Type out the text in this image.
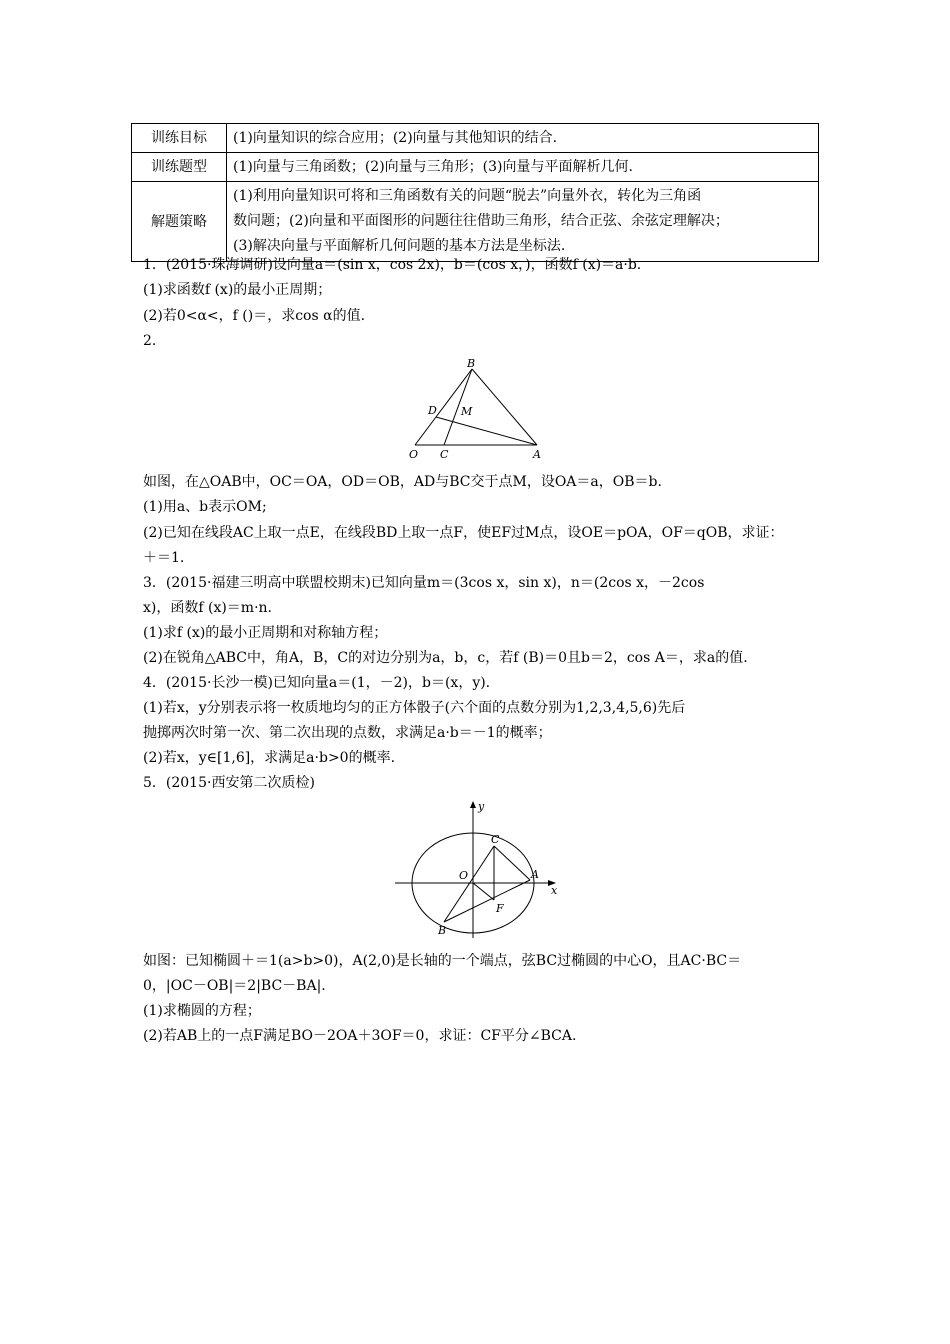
训练目标	(1)向量知识的综合应用；(2)向量与其他知识的结合.
训练题型	(1)向量与三角函数；(2)向量与三角形；(3)向量与平面解析几何.
解题策略	(1)利用向量知识可将和三角函数有关的问题“脱去”向量外衣，转化为三角函
数问题；(2)向量和平面图形的问题往往借助三角形，结合正弦、余弦定理解决；
(3)解决向量与平面解析几何问题的基本方法是坐标法.
1．(2015·珠海调研)设向量a＝(sin x，cos 2x)，b＝(cos x，)，函数f (x)＝a·b.
(1)求函数f (x)的最小正周期；
(2)若0<α<，f ()＝，求cos α的值.
2.
B
D M
O C	A
如图，在△OAB中，OC＝OA，OD＝OB，AD与BC交于点M，设OA＝a，OB＝b.
(1)用a、b表示OM;
(2)已知在线段AC上取一点E，在线段BD上取一点F，使EF过M点，设OE＝pOA，OF＝qOB，求证：
＋＝1.
3．(2015·福建三明高中联盟校期末)已知向量m＝(3cos x，sin x)，n＝(2cos x，－2cos
x)，函数f (x)＝m·n.
(1)求f (x)的最小正周期和对称轴方程；
(2)在锐角△ABC中，角A，B，C的对边分别为a，b，c，若f (B)＝0且b＝2，cos A＝，求a的值.
4．(2015·长沙一模)已知向量a＝(1，－2)，b＝(x，y).
(1)若x，y分别表示将一枚质地均匀的正方体骰子(六个面的点数分别为1,2,3,4,5,6)先后
抛掷两次时第一次、第二次出现的点数，求满足a·b＝－1的概率；
(2)若x，y∈[1,6]，求满足a·b>0的概率.
5．(2015·西安第二次质检)
y
C
O	A
x
F
B
如图：已知椭圆＋＝1(a>b>0)，A(2,0)是长轴的一个端点，弦BC过椭圆的中心O，且AC·BC＝
0，|OC－OB|＝2|BC－BA|.
(1)求椭圆的方程；
(2)若AB上的一点F满足BO－2OA＋3OF＝0，求证：CF平分∠BCA.
